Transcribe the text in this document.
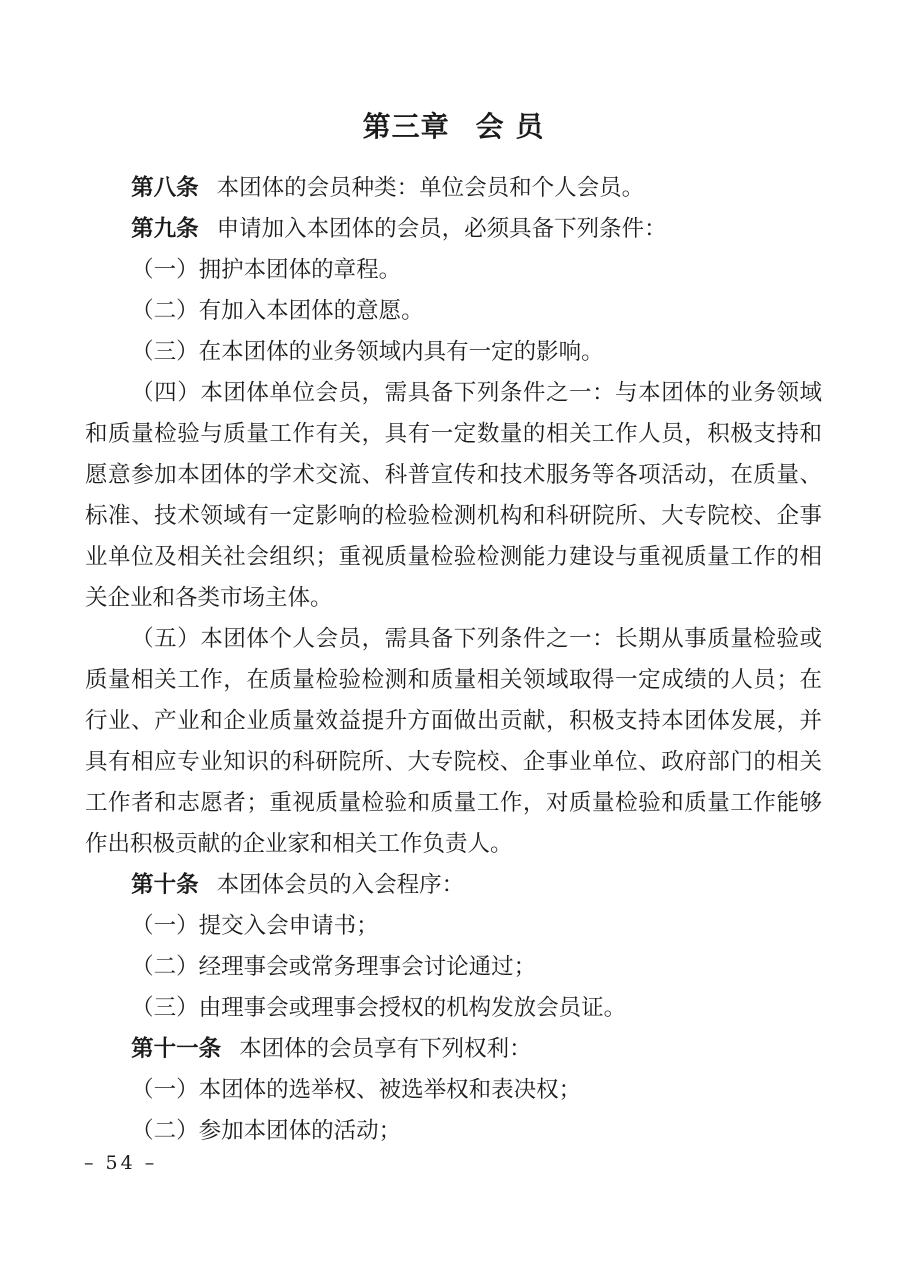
第三章 会 员

第八条 本团体的会员种类：单位会员和个人会员。

第九条 申请加入本团体的会员，必须具备下列条件：

（一）拥护本团体的章程。

（二）有加入本团体的意愿。

（三）在本团体的业务领域内具有一定的影响。

（四）本团体单位会员，需具备下列条件之一：与本团体的业务领域和质量检验与质量工作有关，具有一定数量的相关工作人员，积极支持和愿意参加本团体的学术交流、科普宣传和技术服务等各项活动，在质量、标准、技术领域有一定影响的检验检测机构和科研院所、大专院校、企事业单位及相关社会组织；重视质量检验检测能力建设与重视质量工作的相关企业和各类市场主体。

（五）本团体个人会员，需具备下列条件之一：长期从事质量检验或质量相关工作，在质量检验检测和质量相关领域取得一定成绩的人员；在行业、产业和企业质量效益提升方面做出贡献，积极支持本团体发展，并具有相应专业知识的科研院所、大专院校、企事业单位、政府部门的相关工作者和志愿者；重视质量检验和质量工作，对质量检验和质量工作能够作出积极贡献的企业家和相关工作负责人。

第十条 本团体会员的入会程序：

（一）提交入会申请书；

（二）经理事会或常务理事会讨论通过；

（三）由理事会或理事会授权的机构发放会员证。

第十一条 本团体的会员享有下列权利：

（一）本团体的选举权、被选举权和表决权；

（二）参加本团体的活动；

– 54 –
